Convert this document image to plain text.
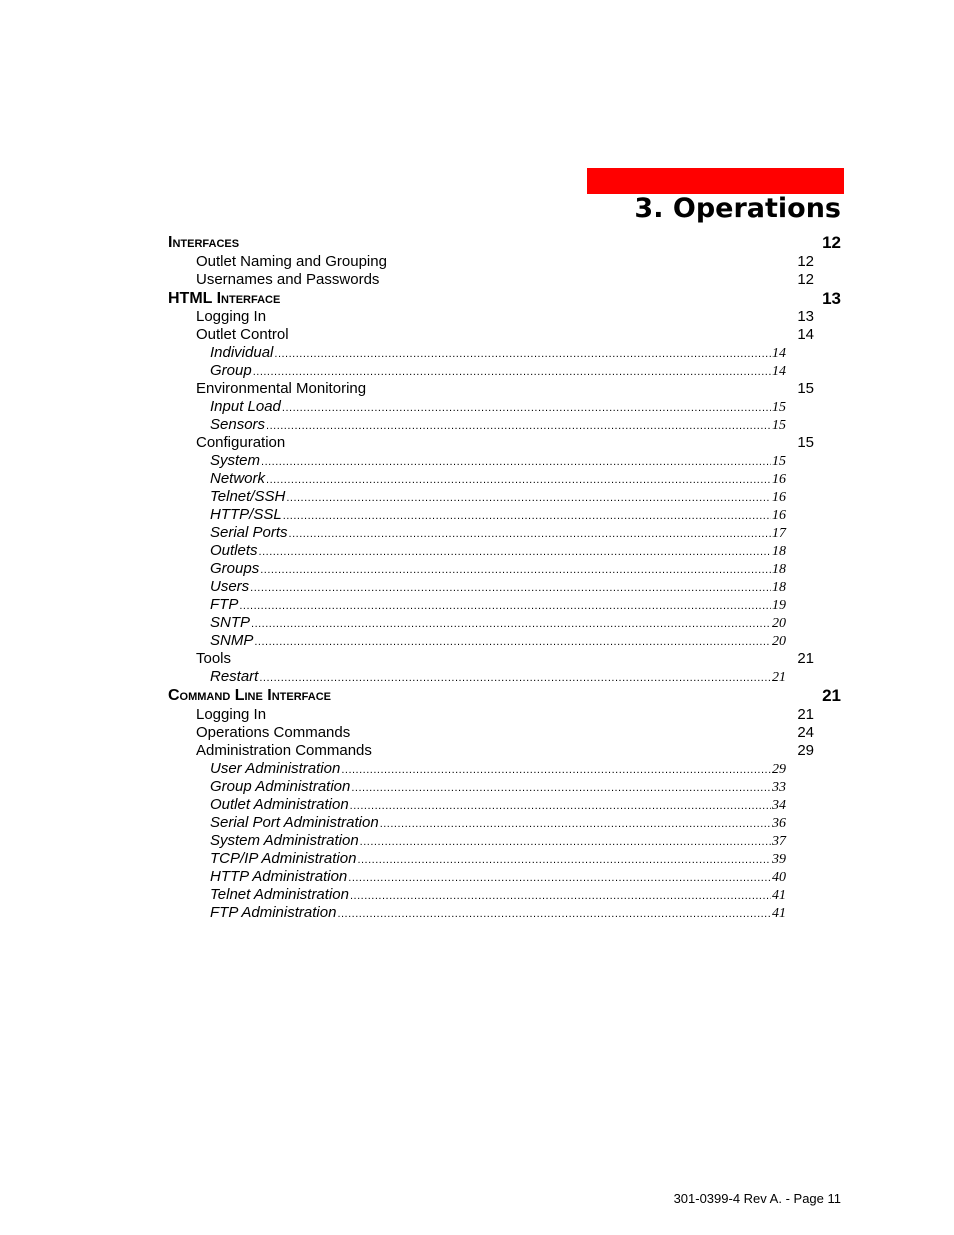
3. Operations
Interfaces	12
Outlet Naming and Grouping	12
Usernames and Passwords	12
HTML Interface	13
Logging In	13
Outlet Control	14
Individual .....	14
Group .....	14
Environmental Monitoring	15
Input Load .....	15
Sensors .....	15
Configuration	15
System .....	15
Network .....	16
Telnet/SSH .....	16
HTTP/SSL .....	16
Serial Ports .....	17
Outlets .....	18
Groups .....	18
Users .....	18
FTP .....	19
SNTP .....	20
SNMP .....	20
Tools	21
Restart .....	21
Command Line Interface	21
Logging In	21
Operations Commands	24
Administration Commands	29
User Administration .....	29
Group Administration .....	33
Outlet Administration .....	34
Serial Port Administration .....	36
System Administration .....	37
TCP/IP Administration .....	39
HTTP Administration .....	40
Telnet Administration .....	41
FTP Administration .....	41
301-0399-4 Rev A. - Page 11
